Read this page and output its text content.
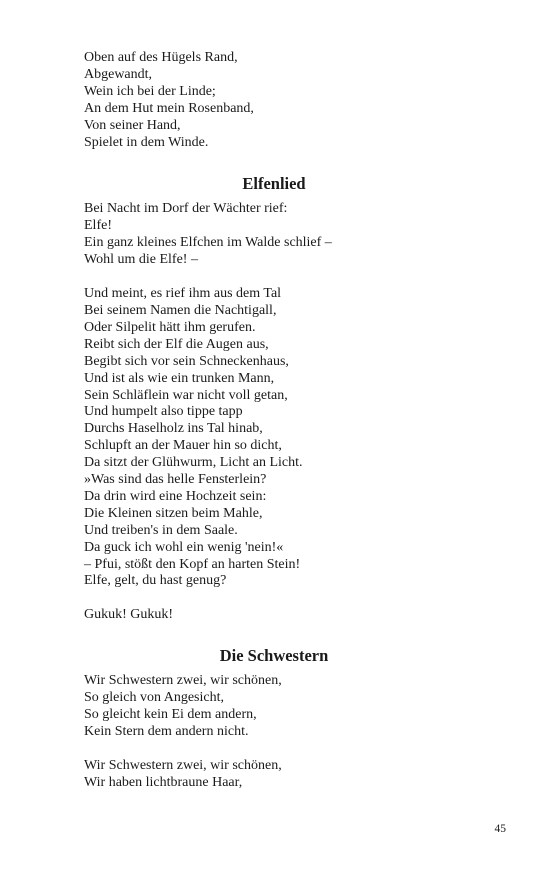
Oben auf des Hügels Rand,
Abgewandt,
Wein ich bei der Linde;
An dem Hut mein Rosenband,
Von seiner Hand,
Spielet in dem Winde.
Elfenlied
Bei Nacht im Dorf der Wächter rief:
Elfe!
Ein ganz kleines Elfchen im Walde schlief –
Wohl um die Elfe! –
Und meint, es rief ihm aus dem Tal
Bei seinem Namen die Nachtigall,
Oder Silpelit hätt ihm gerufen.
Reibt sich der Elf die Augen aus,
Begibt sich vor sein Schneckenhaus,
Und ist als wie ein trunken Mann,
Sein Schläflein war nicht voll getan,
Und humpelt also tippe tapp
Durchs Haselholz ins Tal hinab,
Schlupft an der Mauer hin so dicht,
Da sitzt der Glühwurm, Licht an Licht.
»Was sind das helle Fensterlein?
Da drin wird eine Hochzeit sein:
Die Kleinen sitzen beim Mahle,
Und treiben's in dem Saale.
Da guck ich wohl ein wenig 'nein!«
– Pfui, stößt den Kopf an harten Stein!
Elfe, gelt, du hast genug?
Gukuk! Gukuk!
Die Schwestern
Wir Schwestern zwei, wir schönen,
So gleich von Angesicht,
So gleicht kein Ei dem andern,
Kein Stern dem andern nicht.
Wir Schwestern zwei, wir schönen,
Wir haben lichtbraune Haar,
45
